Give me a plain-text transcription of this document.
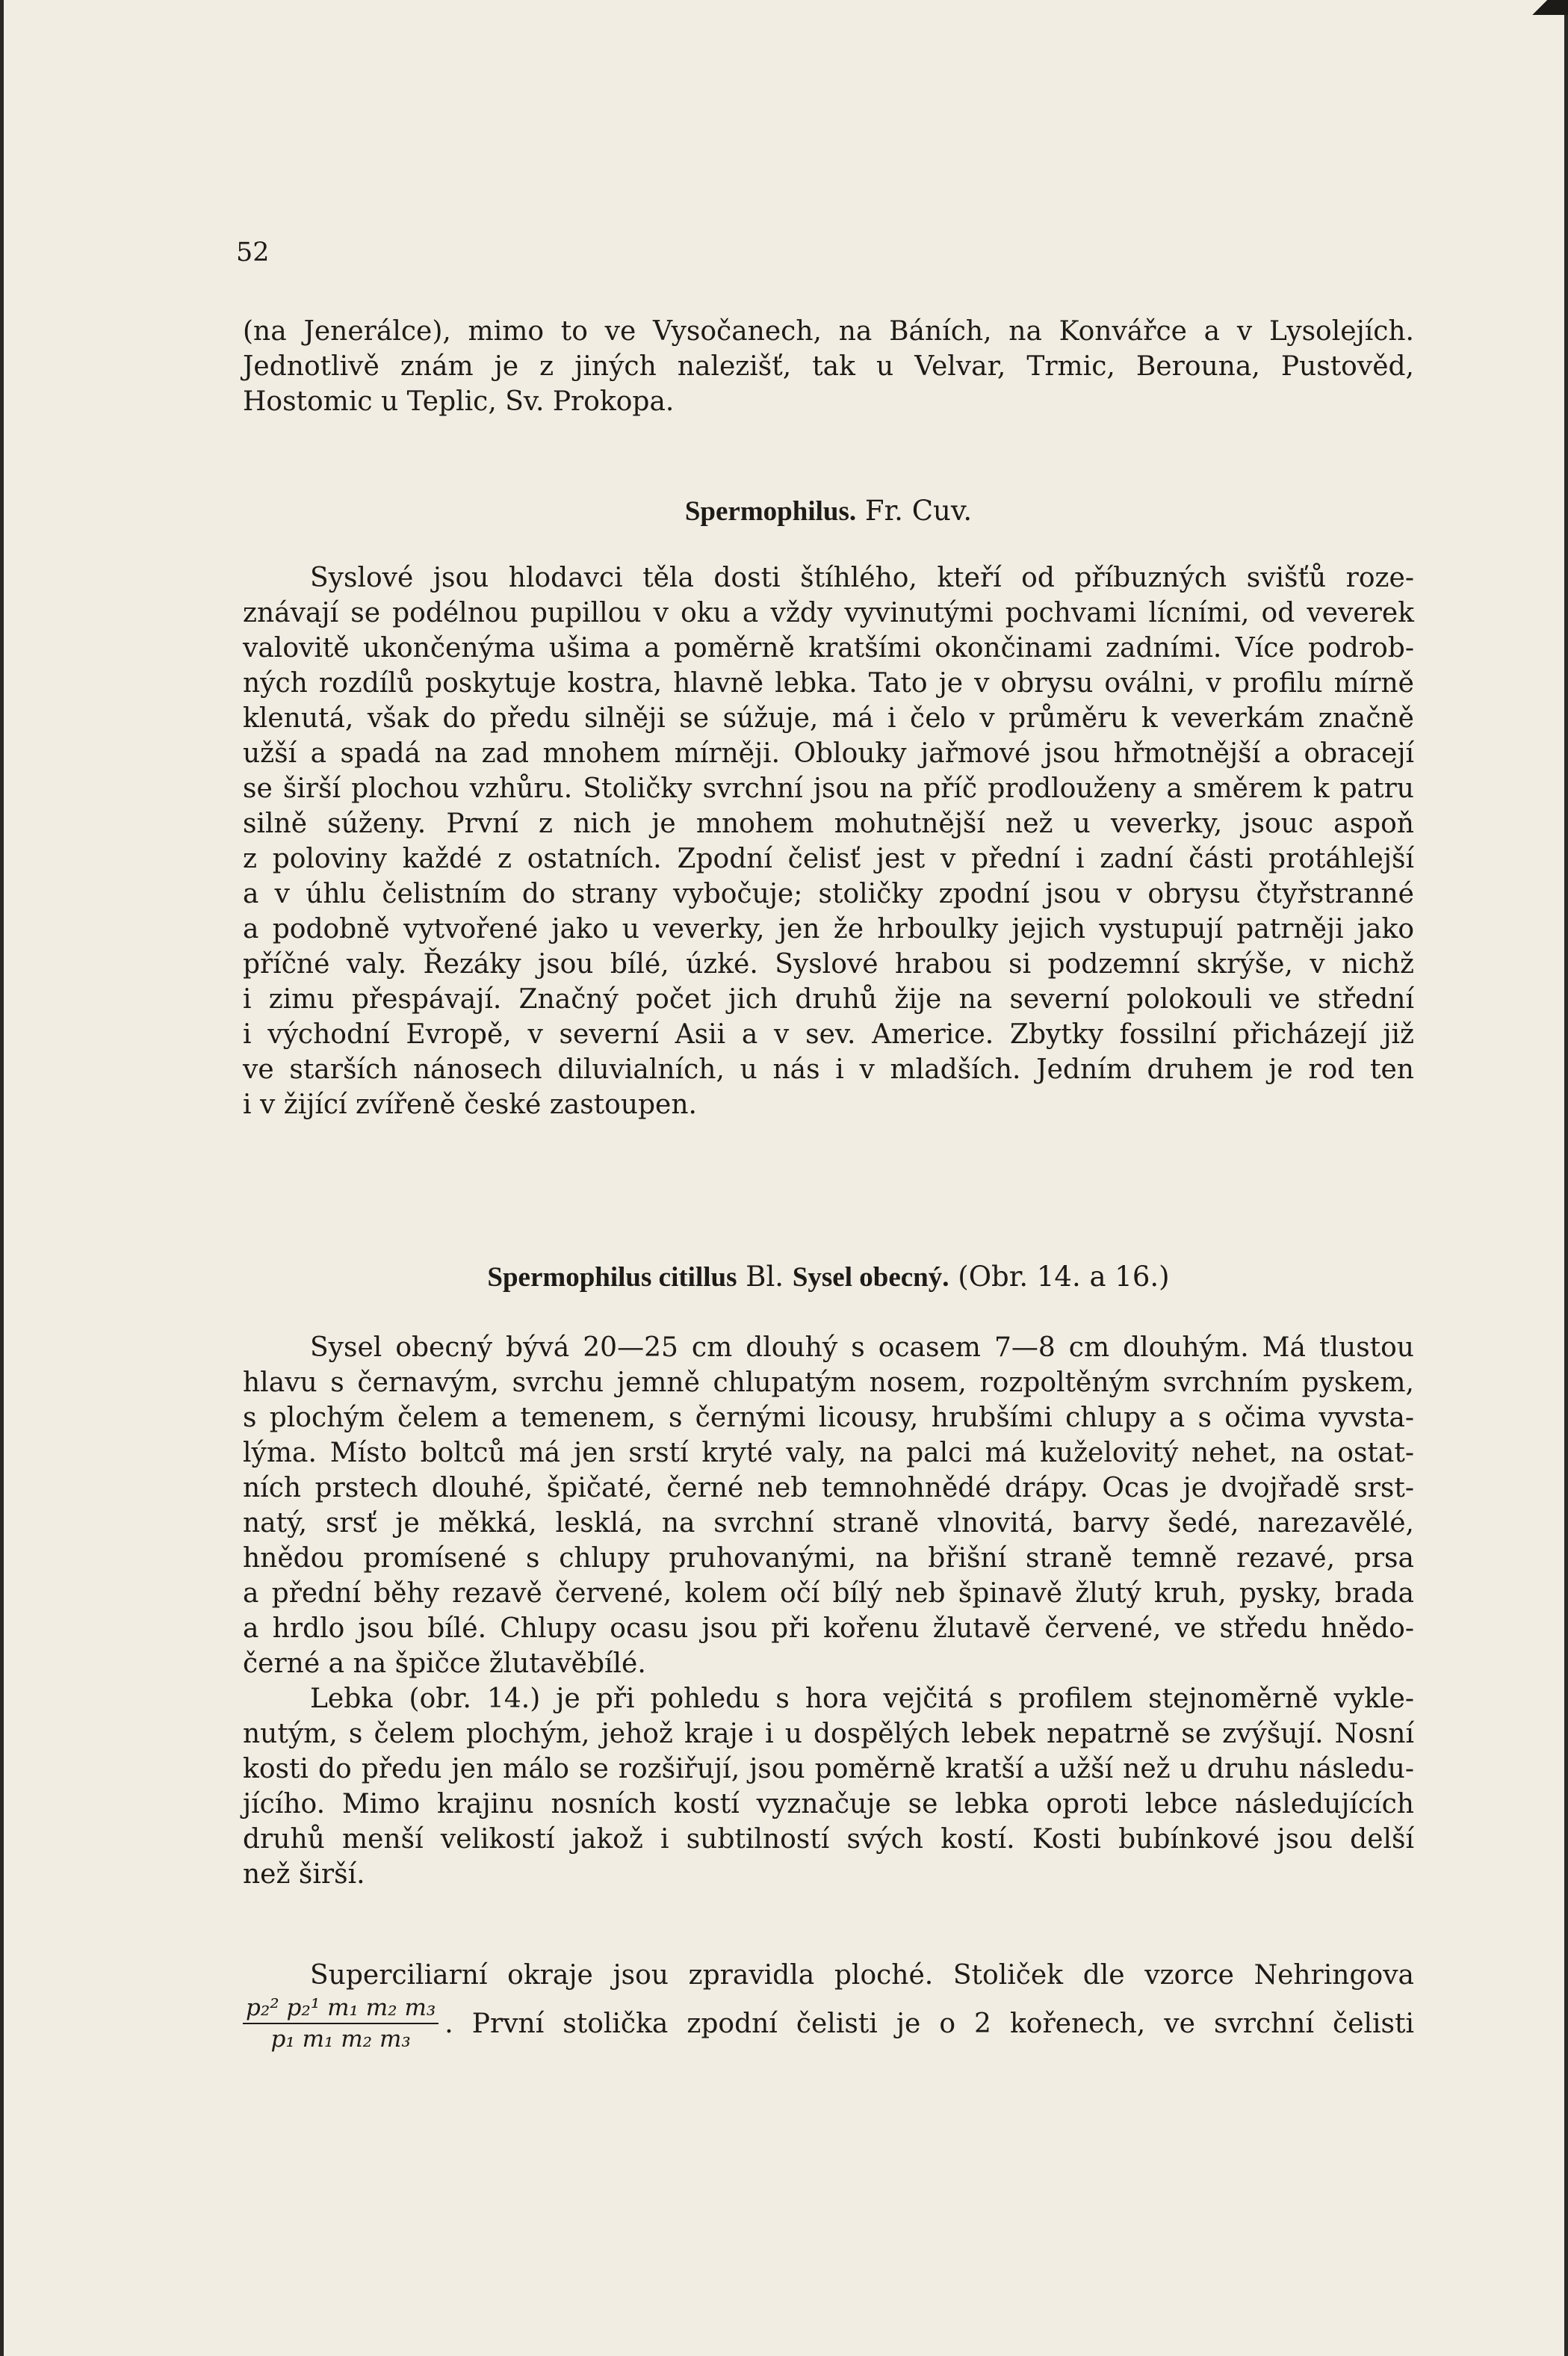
52
(na Jenerálce), mimo to ve Vysočanech, na Báních, na Konvářce a v Lysolejích.
Jednotlivě znám je z jiných nalezišť, tak u Velvar, Trmic, Berouna, Pustověd,
Hostomic u Teplic, Sv. Prokopa.
Spermophilus. Fr. Cuv.
Syslové jsou hlodavci těla dosti štíhlého, kteří od příbuzných svišťů roze-
znávají se podélnou pupillou v oku a vždy vyvinutými pochvami lícními, od veverek
valovitě ukončenýma ušima a poměrně kratšími okončinami zadními. Více podrob-
ných rozdílů poskytuje kostra, hlavně lebka. Tato je v obrysu oválni, v profilu mírně
klenutá, však do předu silněji se súžuje, má i čelo v průměru k veverkám značně
užší a spadá na zad mnohem mírněji. Oblouky jařmové jsou hřmotnější a obracejí
se širší plochou vzhůru. Stoličky svrchní jsou na příč prodlouženy a směrem k patru
silně súženy. První z nich je mnohem mohutnější než u veverky, jsouc aspoň
z poloviny každé z ostatních. Zpodní čelisť jest v přední i zadní části protáhlejší
a v úhlu čelistním do strany vybočuje; stoličky zpodní jsou v obrysu čtyřstranné
a podobně vytvořené jako u veverky, jen že hrboulky jejich vystupují patrněji jako
příčné valy. Řezáky jsou bílé, úzké. Syslové hrabou si podzemní skrýše, v nichž
i zimu přespávají. Značný počet jich druhů žije na severní polokouli ve střední
i východní Evropě, v severní Asii a v sev. Americe. Zbytky fossilní přicházejí již
ve starších nánosech diluvialních, u nás i v mladších. Jedním druhem je rod ten
i v žijící zvířeně české zastoupen.
Spermophilus citillus Bl. Sysel obecný. (Obr. 14. a 16.)
Sysel obecný bývá 20—25 cm dlouhý s ocasem 7—8 cm dlouhým. Má tlustou
hlavu s černavým, svrchu jemně chlupatým nosem, rozpoltěným svrchním pyskem,
s plochým čelem a temenem, s černými licousy, hrubšími chlupy a s očima vyvsta-
lýma. Místo boltců má jen srstí kryté valy, na palci má kuželovitý nehet, na ostat-
ních prstech dlouhé, špičaté, černé neb temnohnědé drápy. Ocas je dvojřadě srst-
natý, srsť je měkká, lesklá, na svrchní straně vlnovitá, barvy šedé, narezavělé,
hnědou promísené s chlupy pruhovanými, na břišní straně temně rezavé, prsa
a přední běhy rezavě červené, kolem očí bílý neb špinavě žlutý kruh, pysky, brada
a hrdlo jsou bílé. Chlupy ocasu jsou při kořenu žlutavě červené, ve středu hnědo-
černé a na špičce žlutavěbílé.
Lebka (obr. 14.) je při pohledu s hora vejčitá s profilem stejnoměrně vykle-
nutým, s čelem plochým, jehož kraje i u dospělých lebek nepatrně se zvýšují. Nosní
kosti do předu jen málo se rozšiřují, jsou poměrně kratší a užší než u druhu následu-
jícího. Mimo krajinu nosních kostí vyznačuje se lebka oproti lebce následujících
druhů menší velikostí jakož i subtilností svých kostí. Kosti bubínkové jsou delší
než širší.
Superciliarní okraje jsou zpravidla ploché. Stoliček dle vzorce Nehringova
$\frac{\text{p₂² p₂¹ m₁ m₂ m₃}}{\text{p₁ m₁ m₂ m₃}}$ . První stolička zpodní čelisti je o 2 kořenech, ve svrchní čelisti
